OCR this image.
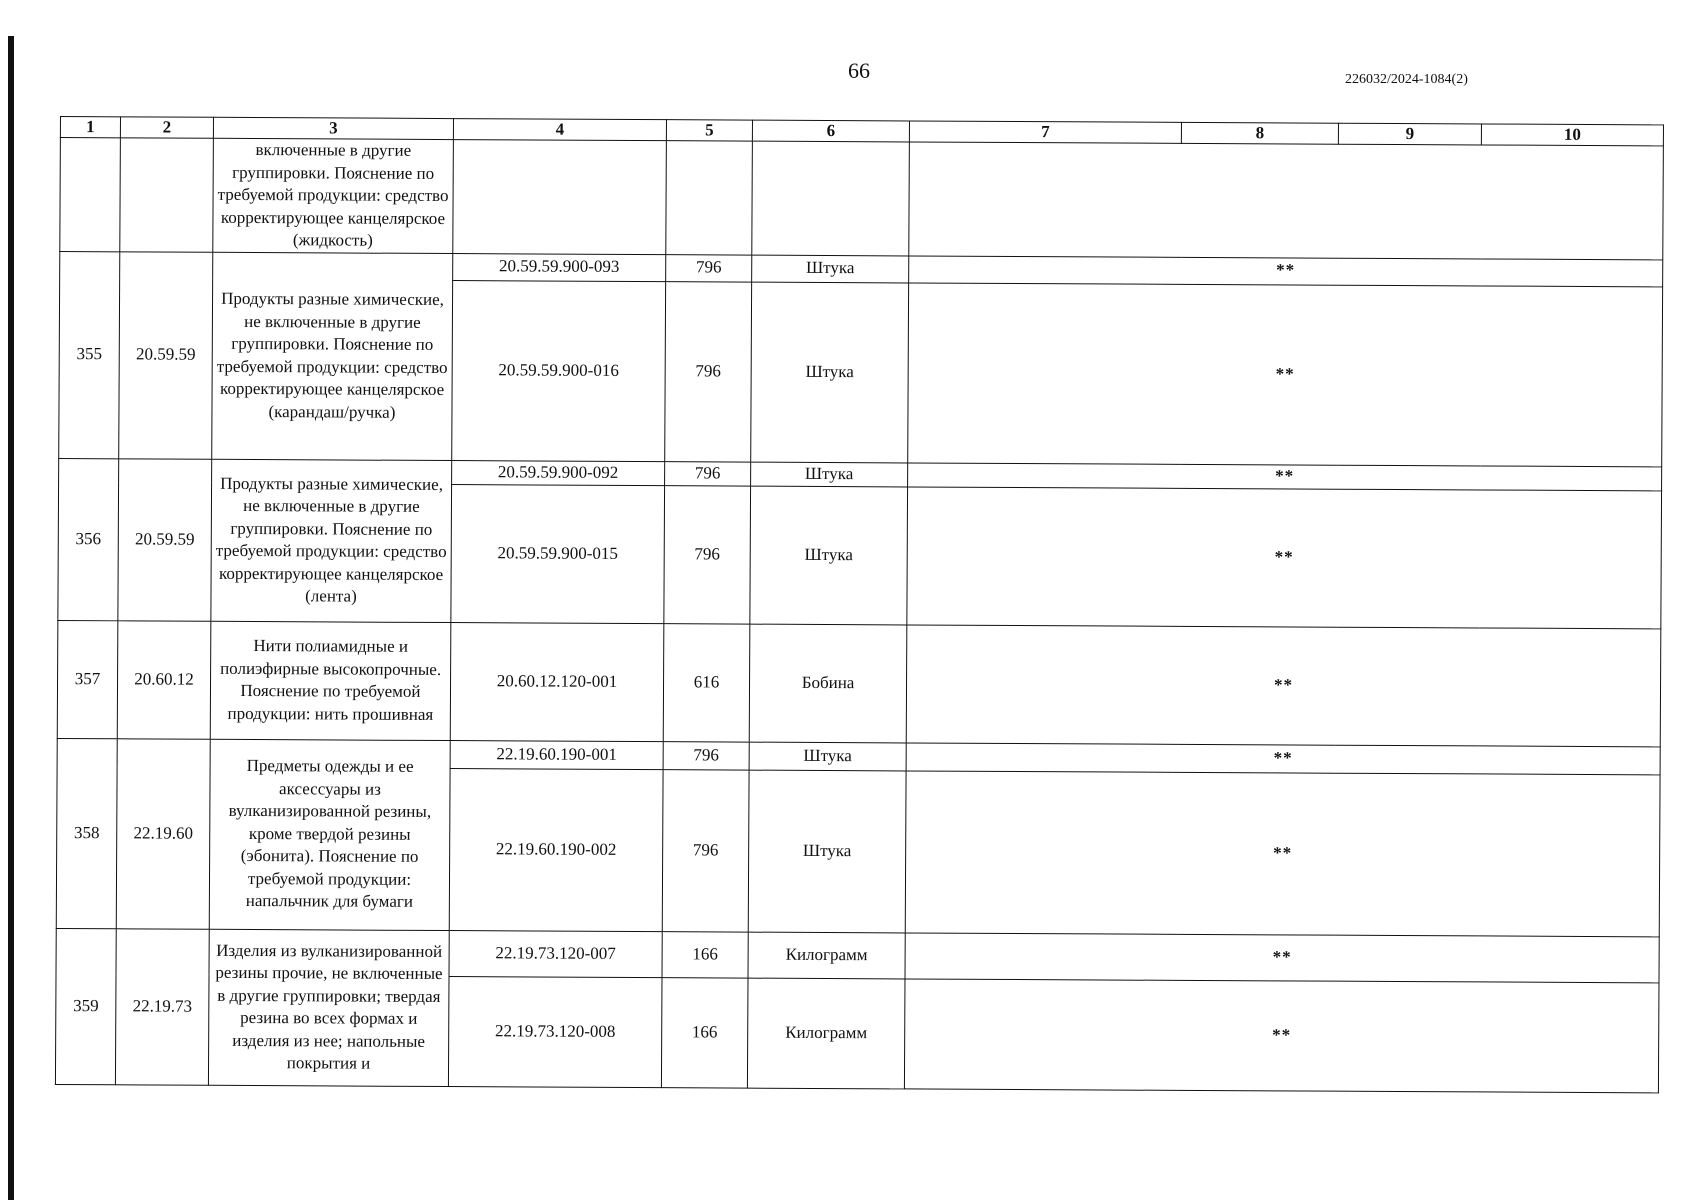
66	226032/2024-1084(2)
1	2	3	4	5	6	7	8	9	10
		включенные в другие группировки. Пояснение по требуемой продукции: средство корректирующее канцелярское (жидкость)							
355	20.59.59	Продукты разные химические, не включенные в другие группировки. Пояснение по требуемой продукции: средство корректирующее канцелярское (карандаш/ручка)	20.59.59.900-093	796	Штука	**			
			20.59.59.900-016	796	Штука	**			
356	20.59.59	Продукты разные химические, не включенные в другие группировки. Пояснение по требуемой продукции: средство корректирующее канцелярское (лента)	20.59.59.900-092	796	Штука	**			
			20.59.59.900-015	796	Штука	**			
357	20.60.12	Нити полиамидные и полиэфирные высокопрочные. Пояснение по требуемой продукции: нить прошивная	20.60.12.120-001	616	Бобина	**			
358	22.19.60	Предметы одежды и ее аксессуары из вулканизированной резины, кроме твердой резины (эбонита). Пояснение по требуемой продукции: напальчник для бумаги	22.19.60.190-001	796	Штука	**			
			22.19.60.190-002	796	Штука	**			
359	22.19.73	Изделия из вулканизированной резины прочие, не включенные в другие группировки; твердая резина во всех формах и изделия из нее; напольные покрытия и	22.19.73.120-007	166	Килограмм	**			
			22.19.73.120-008	166	Килограмм	**			
